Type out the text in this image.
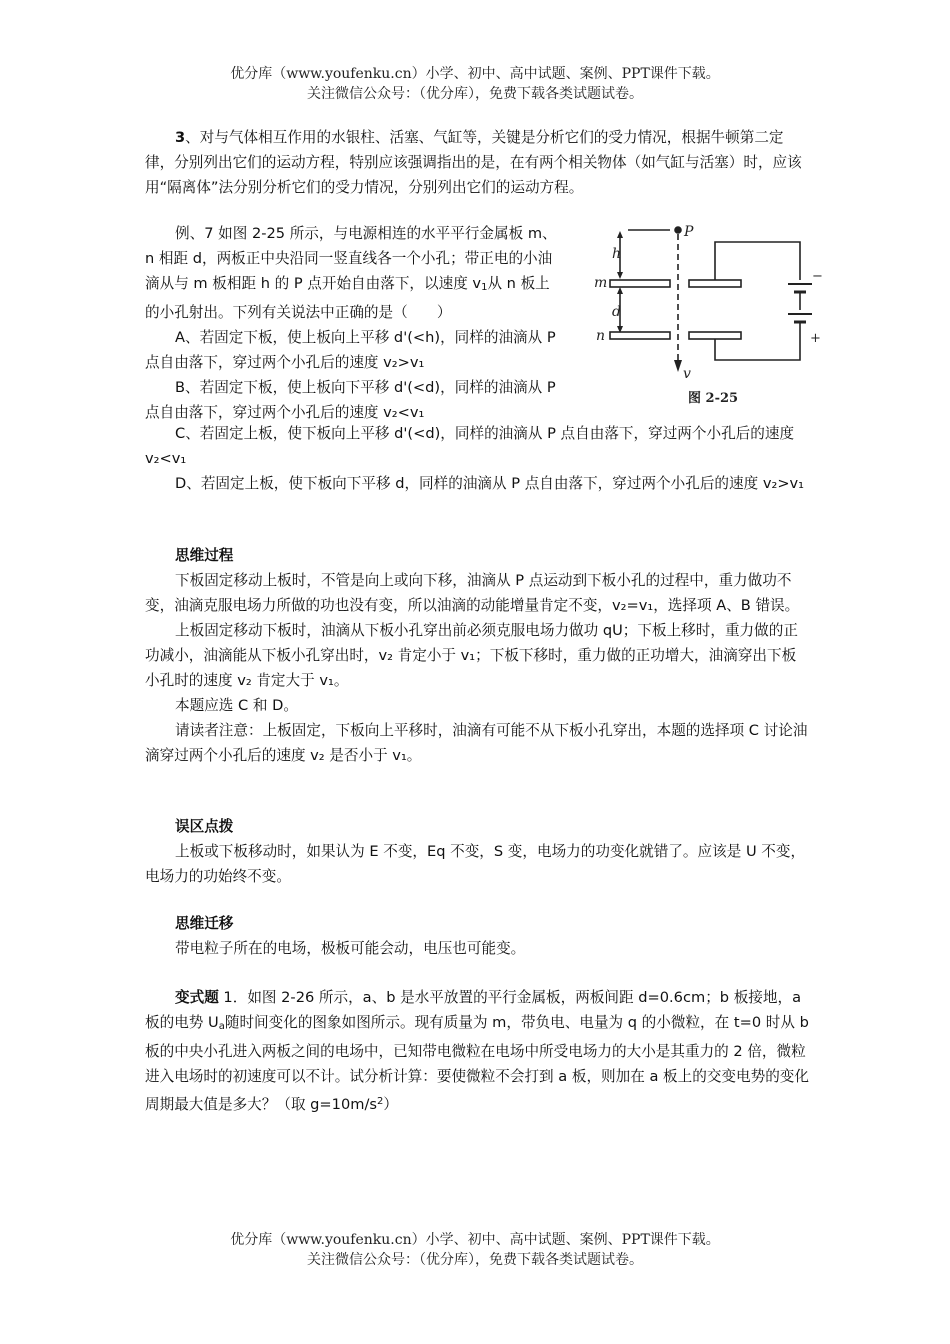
优分库（www.youfenku.cn）小学、初中、高中试题、案例、PPT课件下载。
关注微信公众号：（优分库），免费下载各类试题试卷。

3、对与气体相互作用的水银柱、活塞、气缸等，关键是分析它们的受力情况，根据牛顿第二定律，分别列出它们的运动方程，特别应该强调指出的是，在有两个相关物体（如气缸与活塞）时，应该用“隔离体”法分别分析它们的受力情况，分别列出它们的运动方程。

例、7 如图 2-25 所示，与电源相连的水平平行金属板 m、n 相距 d，两板正中央沿同一竖直线各一个小孔；带正电的小油滴从与 m 板相距 h 的 P 点开始自由落下，以速度 $v_1$从 n 板上的小孔射出。下列有关说法中正确的是（　　）

A、若固定下板，使上板向上平移 d'(<h)，同样的油滴从 P 点自由落下，穿过两个小孔后的速度 v₂>v₁

B、若固定下板，使上板向下平移 d'(<d)，同样的油滴从 P 点自由落下，穿过两个小孔后的速度 v₂<v₁

C、若固定上板，使下板向上平移 d'(<d)，同样的油滴从 P 点自由落下，穿过两个小孔后的速度 v₂<v₁

D、若固定上板，使下板向下平移 d，同样的油滴从 P 点自由落下，穿过两个小孔后的速度 v₂>v₁

P
h
m
d
n
v
−
+
图 2-25

思维过程

下板固定移动上板时，不管是向上或向下移，油滴从 P 点运动到下板小孔的过程中，重力做功不变，油滴克服电场力所做的功也没有变，所以油滴的动能增量肯定不变，v₂=v₁，选择项 A、B 错误。

上板固定移动下板时，油滴从下板小孔穿出前必须克服电场力做功 qU；下板上移时，重力做的正功减小，油滴能从下板小孔穿出时，v₂ 肯定小于 v₁；下板下移时，重力做的正功增大，油滴穿出下板小孔时的速度 v₂ 肯定大于 v₁。

本题应选 C 和 D。

请读者注意：上板固定，下板向上平移时，油滴有可能不从下板小孔穿出，本题的选择项 C 讨论油滴穿过两个小孔后的速度 v₂ 是否小于 v₁。

误区点拨

上板或下板移动时，如果认为 E 不变，Eq 不变，S 变，电场力的功变化就错了。应该是 U 不变，电场力的功始终不变。

思维迁移

带电粒子所在的电场，极板可能会动，电压也可能变。

变式题 1．如图 2-26 所示，a、b 是水平放置的平行金属板，两板间距 d=0.6cm；b 板接地，a 板的电势 $U_a$随时间变化的图象如图所示。现有质量为 m，带负电、电量为 q 的小微粒，在 t=0 时从 b 板的中央小孔进入两板之间的电场中，已知带电微粒在电场中所受电场力的大小是其重力的 2 倍，微粒进入电场时的初速度可以不计。试分析计算：要使微粒不会打到 a 板，则加在 a 板上的交变电势的变化周期最大值是多大？（取 $g=10m/s^2$）

优分库（www.youfenku.cn）小学、初中、高中试题、案例、PPT课件下载。
关注微信公众号：（优分库），免费下载各类试题试卷。
